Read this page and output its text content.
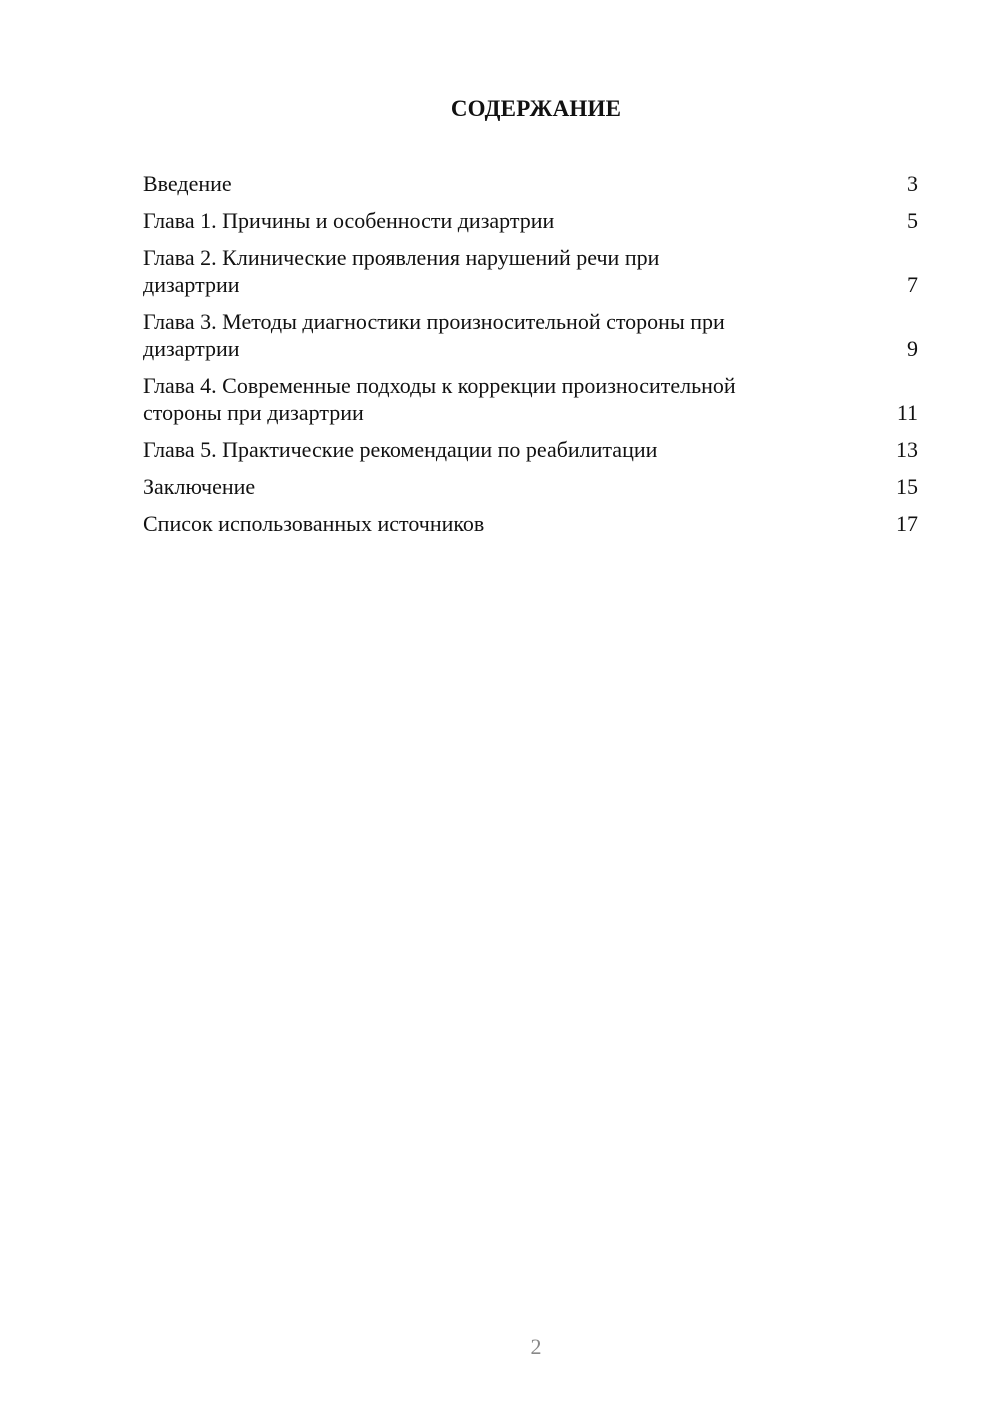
СОДЕРЖАНИЕ
Введение	3
Глава 1. Причины и особенности дизартрии	5
Глава 2. Клинические проявления нарушений речи при
дизартрии	7
Глава 3. Методы диагностики произносительной стороны при
дизартрии	9
Глава 4. Современные подходы к коррекции произносительной
стороны при дизартрии	11
Глава 5. Практические рекомендации по реабилитации	13
Заключение	15
Список использованных источников	17
2
